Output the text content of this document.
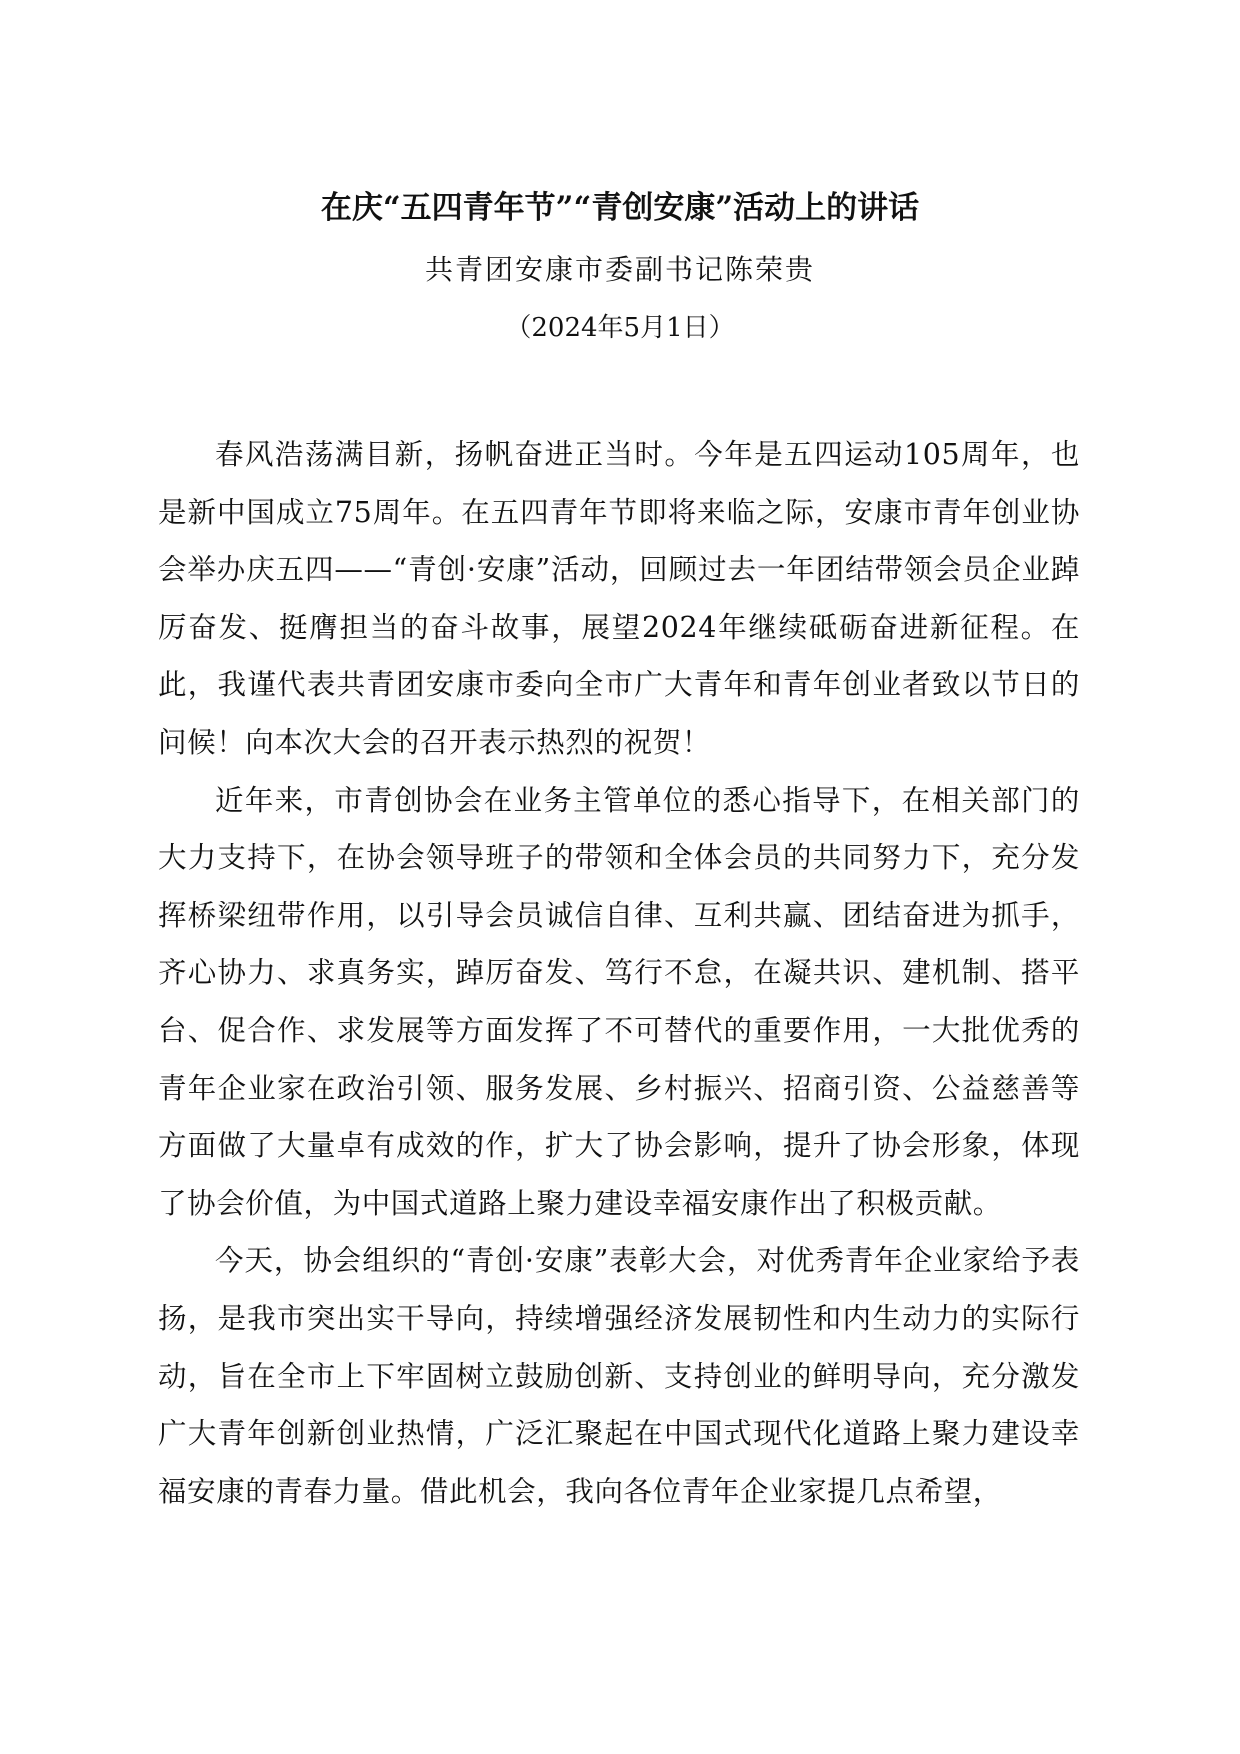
在庆“五四青年节”“青创安康”活动上的讲话
共青团安康市委副书记陈荣贵
（2024年5月1日）

春风浩荡满目新，扬帆奋进正当时。今年是五四运动105周年，也是新中国成立75周年。在五四青年节即将来临之际，安康市青年创业协会举办庆五四——“青创·安康”活动，回顾过去一年团结带领会员企业踔厉奋发、挺膺担当的奋斗故事，展望2024年继续砥砺奋进新征程。在此，我谨代表共青团安康市委向全市广大青年和青年创业者致以节日的问候！向本次大会的召开表示热烈的祝贺！

近年来，市青创协会在业务主管单位的悉心指导下，在相关部门的大力支持下，在协会领导班子的带领和全体会员的共同努力下，充分发挥桥梁纽带作用，以引导会员诚信自律、互利共赢、团结奋进为抓手，齐心协力、求真务实，踔厉奋发、笃行不怠，在凝共识、建机制、搭平台、促合作、求发展等方面发挥了不可替代的重要作用，一大批优秀的青年企业家在政治引领、服务发展、乡村振兴、招商引资、公益慈善等方面做了大量卓有成效的作，扩大了协会影响，提升了协会形象，体现了协会价值，为中国式道路上聚力建设幸福安康作出了积极贡献。

今天，协会组织的“青创·安康”表彰大会，对优秀青年企业家给予表扬，是我市突出实干导向，持续增强经济发展韧性和内生动力的实际行动，旨在全市上下牢固树立鼓励创新、支持创业的鲜明导向，充分激发广大青年创新创业热情，广泛汇聚起在中国式现代化道路上聚力建设幸福安康的青春力量。借此机会，我向各位青年企业家提几点希望，
